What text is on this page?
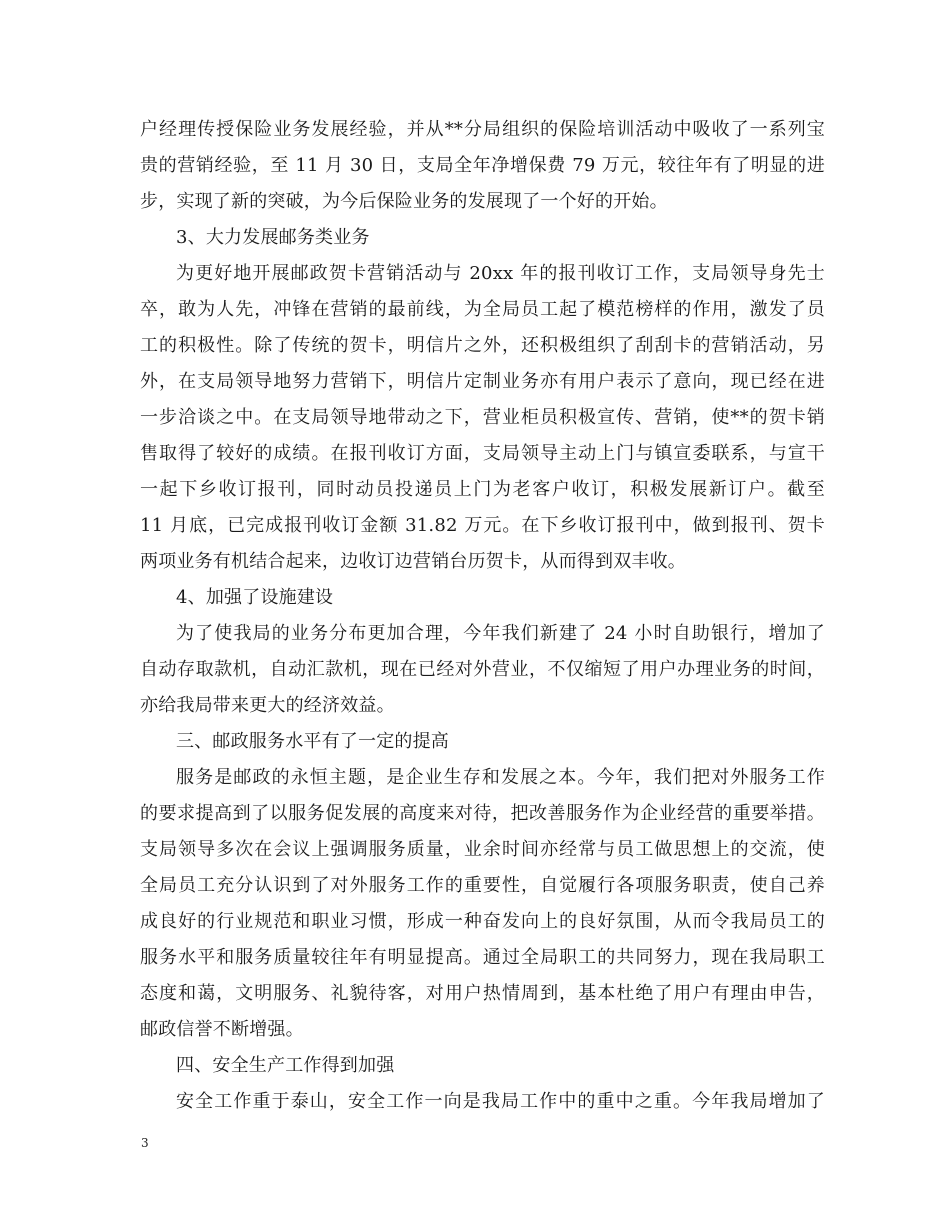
户经理传授保险业务发展经验，并从**分局组织的保险培训活动中吸收了一系列宝
贵的营销经验，至 11 月 30 日，支局全年净增保费 79 万元，较往年有了明显的进
步，实现了新的突破，为今后保险业务的发展现了一个好的开始。
3、大力发展邮务类业务
为更好地开展邮政贺卡营销活动与 20xx 年的报刊收订工作，支局领导身先士
卒，敢为人先，冲锋在营销的最前线，为全局员工起了模范榜样的作用，激发了员
工的积极性。除了传统的贺卡，明信片之外，还积极组织了刮刮卡的营销活动，另
外，在支局领导地努力营销下，明信片定制业务亦有用户表示了意向，现已经在进
一步洽谈之中。在支局领导地带动之下，营业柜员积极宣传、营销，使**的贺卡销
售取得了较好的成绩。在报刊收订方面，支局领导主动上门与镇宣委联系，与宣干
一起下乡收订报刊，同时动员投递员上门为老客户收订，积极发展新订户。截至
11 月底，已完成报刊收订金额 31.82 万元。在下乡收订报刊中，做到报刊、贺卡
两项业务有机结合起来，边收订边营销台历贺卡，从而得到双丰收。
4、加强了设施建设
为了使我局的业务分布更加合理，今年我们新建了 24 小时自助银行，增加了
自动存取款机，自动汇款机，现在已经对外营业，不仅缩短了用户办理业务的时间，
亦给我局带来更大的经济效益。
三、邮政服务水平有了一定的提高
服务是邮政的永恒主题，是企业生存和发展之本。今年，我们把对外服务工作
的要求提高到了以服务促发展的高度来对待，把改善服务作为企业经营的重要举措。
支局领导多次在会议上强调服务质量，业余时间亦经常与员工做思想上的交流，使
全局员工充分认识到了对外服务工作的重要性，自觉履行各项服务职责，使自己养
成良好的行业规范和职业习惯，形成一种奋发向上的良好氛围，从而令我局员工的
服务水平和服务质量较往年有明显提高。通过全局职工的共同努力，现在我局职工
态度和蔼，文明服务、礼貌待客，对用户热情周到，基本杜绝了用户有理由申告，
邮政信誉不断增强。
四、安全生产工作得到加强
安全工作重于泰山，安全工作一向是我局工作中的重中之重。今年我局增加了
3
